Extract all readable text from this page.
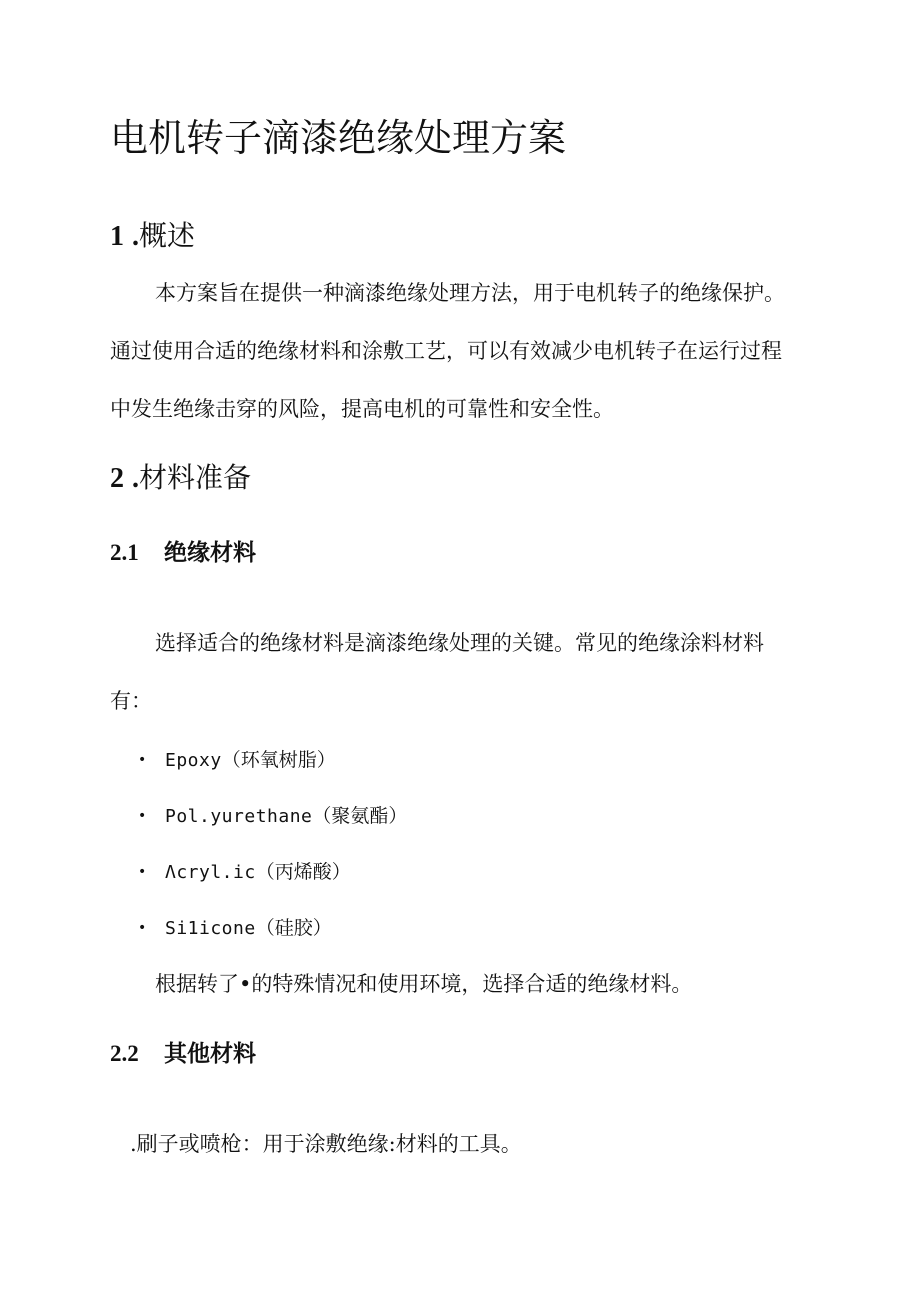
电机转子滴漆绝缘处理方案
1 .概述
本方案旨在提供一种滴漆绝缘处理方法，用于电机转子的绝缘保护。
通过使用合适的绝缘材料和涂敷工艺，可以有效减少电机转子在运行过程
中发生绝缘击穿的风险，提高电机的可靠性和安全性。
2 .材料准备
2.1 绝缘材料
选择适合的绝缘材料是滴漆绝缘处理的关键。常见的绝缘涂料材料
有：
• Epoxy（环氧树脂）
• Pol.yurethane（聚氨酯）
• Λcryl.ic（丙烯酸）
• Si1icone（硅胶）
根据转了•的特殊情况和使用环境，选择合适的绝缘材料。
2.2 其他材料
.刷子或喷枪：用于涂敷绝缘:材料的工具。
